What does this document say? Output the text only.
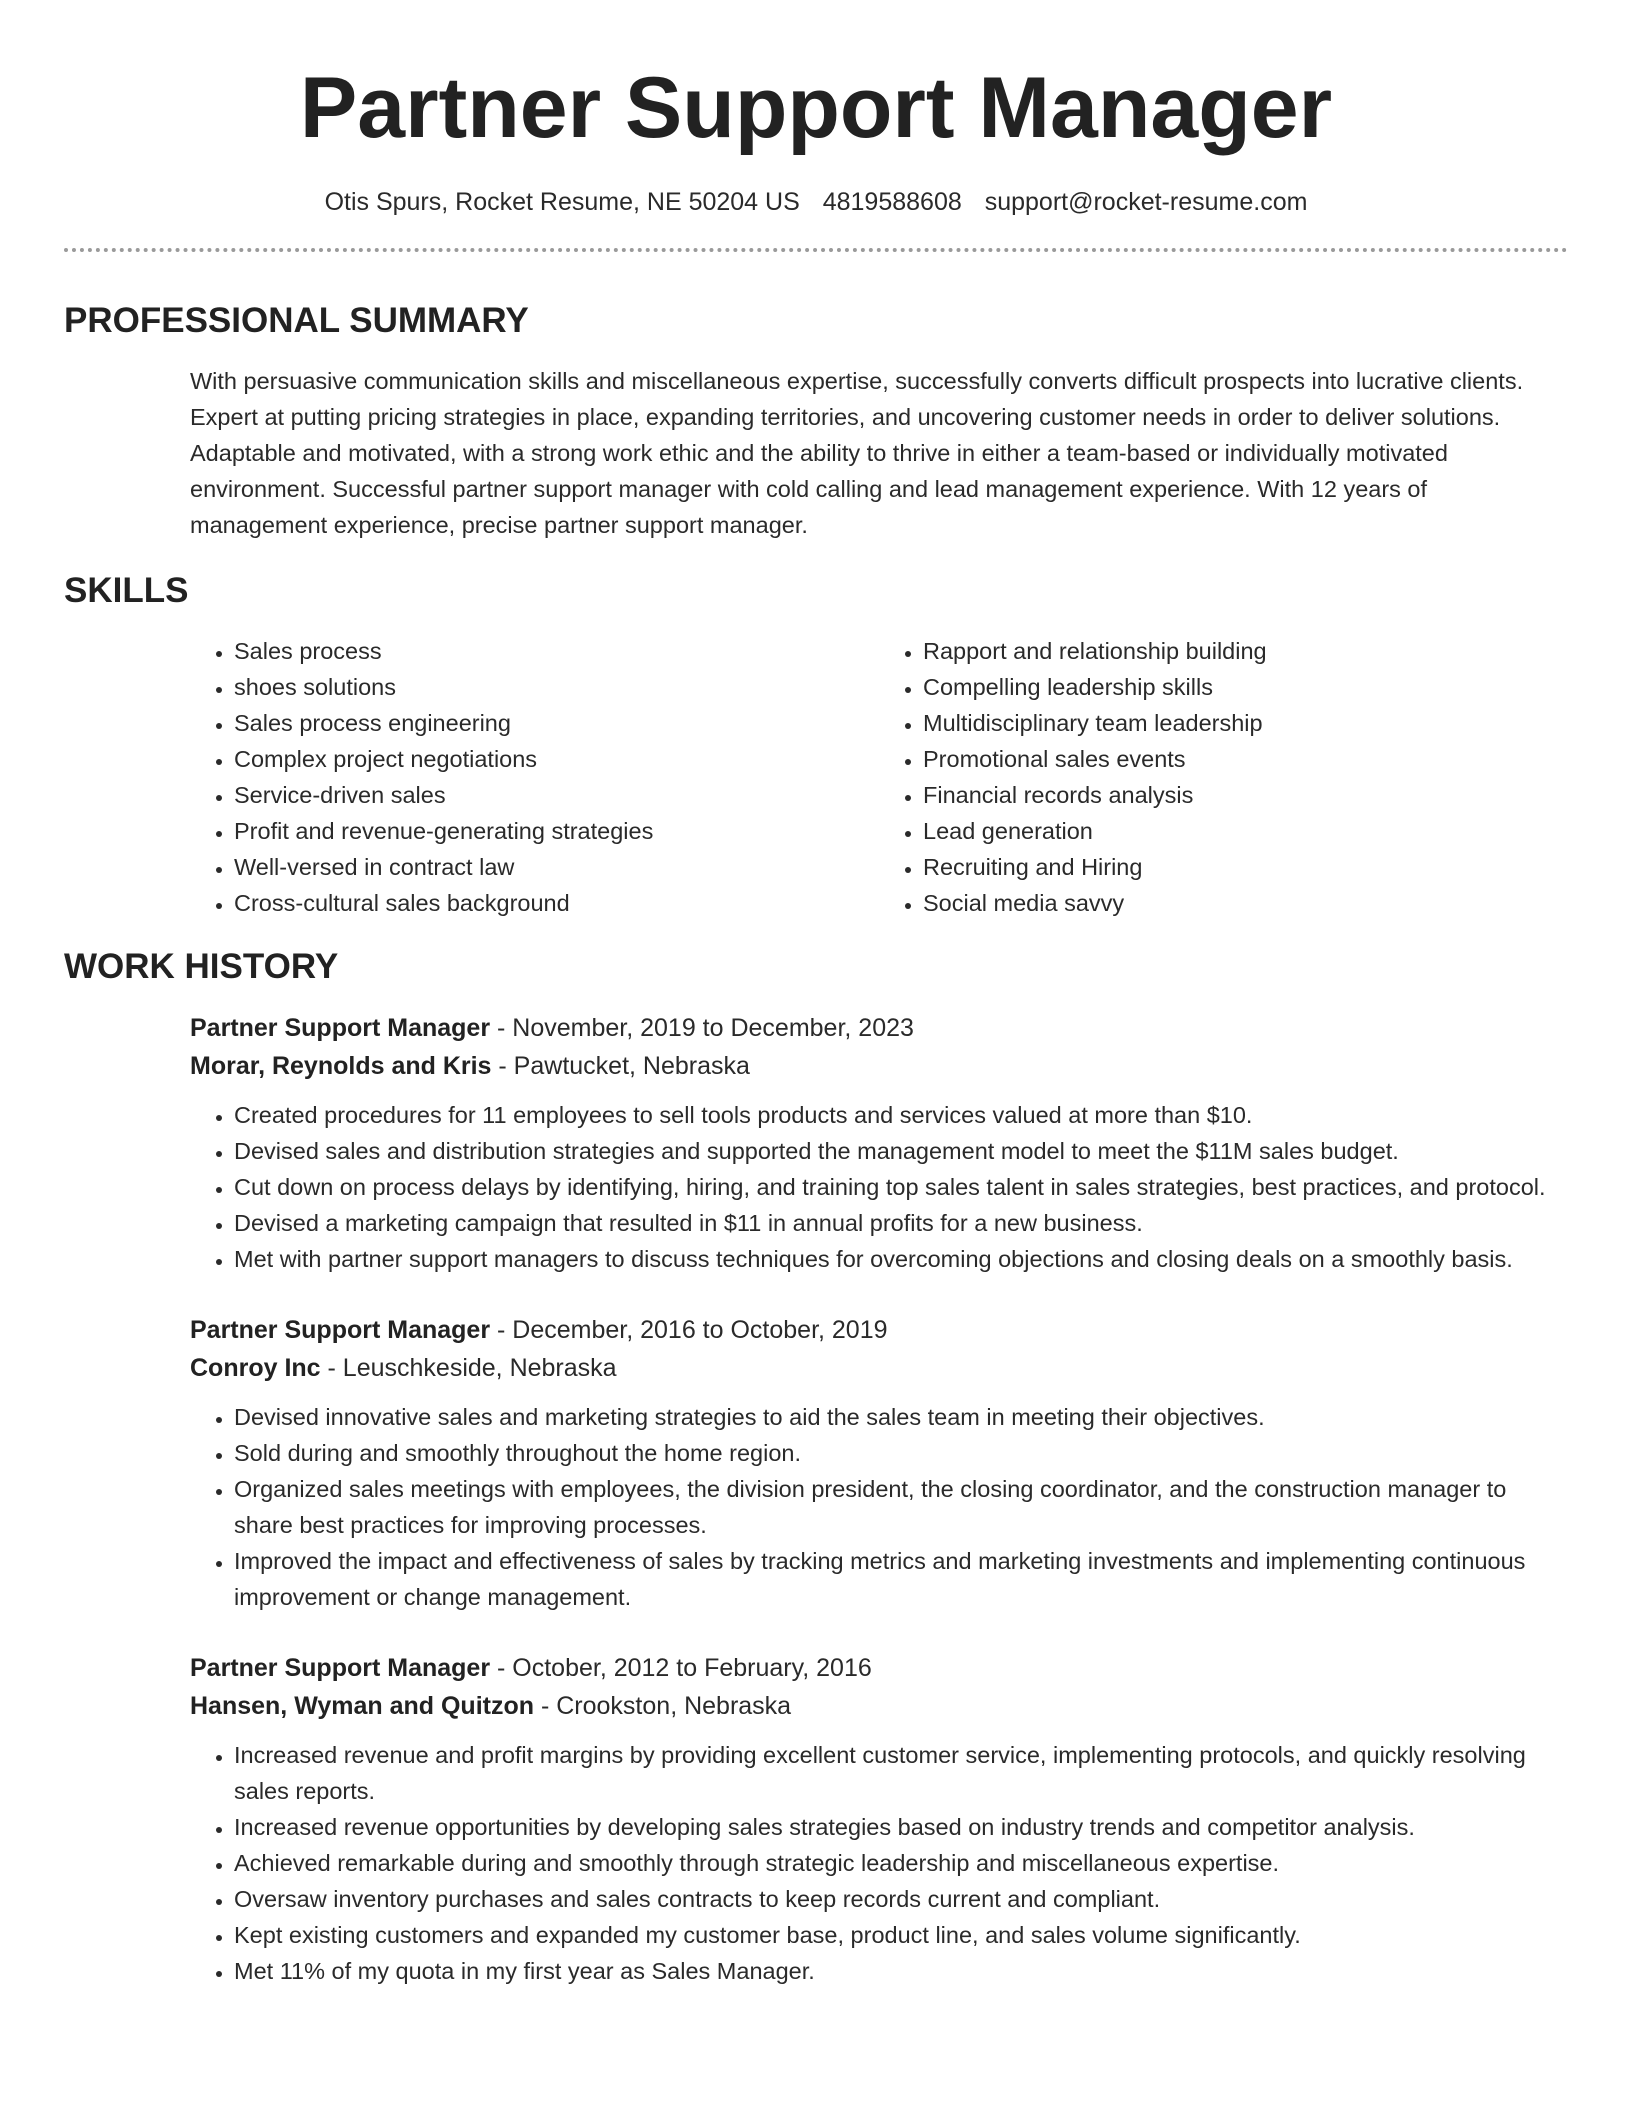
Partner Support Manager
Otis Spurs, Rocket Resume, NE 50204 US 4819588608 support@rocket-resume.com
PROFESSIONAL SUMMARY

With persuasive communication skills and miscellaneous expertise, successfully converts difficult prospects into lucrative clients. Expert at putting pricing strategies in place, expanding territories, and uncovering customer needs in order to deliver solutions. Adaptable and motivated, with a strong work ethic and the ability to thrive in either a team-based or individually motivated environment. Successful partner support manager with cold calling and lead management experience. With 12 years of management experience, precise partner support manager.

SKILLS
• Sales process
• shoes solutions
• Sales process engineering
• Complex project negotiations
• Service-driven sales
• Profit and revenue-generating strategies
• Well-versed in contract law
• Cross-cultural sales background
• Rapport and relationship building
• Compelling leadership skills
• Multidisciplinary team leadership
• Promotional sales events
• Financial records analysis
• Lead generation
• Recruiting and Hiring
• Social media savvy
WORK HISTORY

Partner Support Manager - November, 2019 to December, 2023

Morar, Reynolds and Kris - Pawtucket, Nebraska

• Created procedures for 11 employees to sell tools products and services valued at more than $10.
• Devised sales and distribution strategies and supported the management model to meet the $11M sales budget.
• Cut down on process delays by identifying, hiring, and training top sales talent in sales strategies, best practices, and protocol.
• Devised a marketing campaign that resulted in $11 in annual profits for a new business.
• Met with partner support managers to discuss techniques for overcoming objections and closing deals on a smoothly basis.

Partner Support Manager - December, 2016 to October, 2019

Conroy Inc - Leuschkeside, Nebraska

• Devised innovative sales and marketing strategies to aid the sales team in meeting their objectives.
• Sold during and smoothly throughout the home region.
• Organized sales meetings with employees, the division president, the closing coordinator, and the construction manager to share best practices for improving processes.
• Improved the impact and effectiveness of sales by tracking metrics and marketing investments and implementing continuous improvement or change management.

Partner Support Manager - October, 2012 to February, 2016

Hansen, Wyman and Quitzon - Crookston, Nebraska

• Increased revenue and profit margins by providing excellent customer service, implementing protocols, and quickly resolving sales reports.
• Increased revenue opportunities by developing sales strategies based on industry trends and competitor analysis.
• Achieved remarkable during and smoothly through strategic leadership and miscellaneous expertise.
• Oversaw inventory purchases and sales contracts to keep records current and compliant.
• Kept existing customers and expanded my customer base, product line, and sales volume significantly.
• Met 11% of my quota in my first year as Sales Manager.
